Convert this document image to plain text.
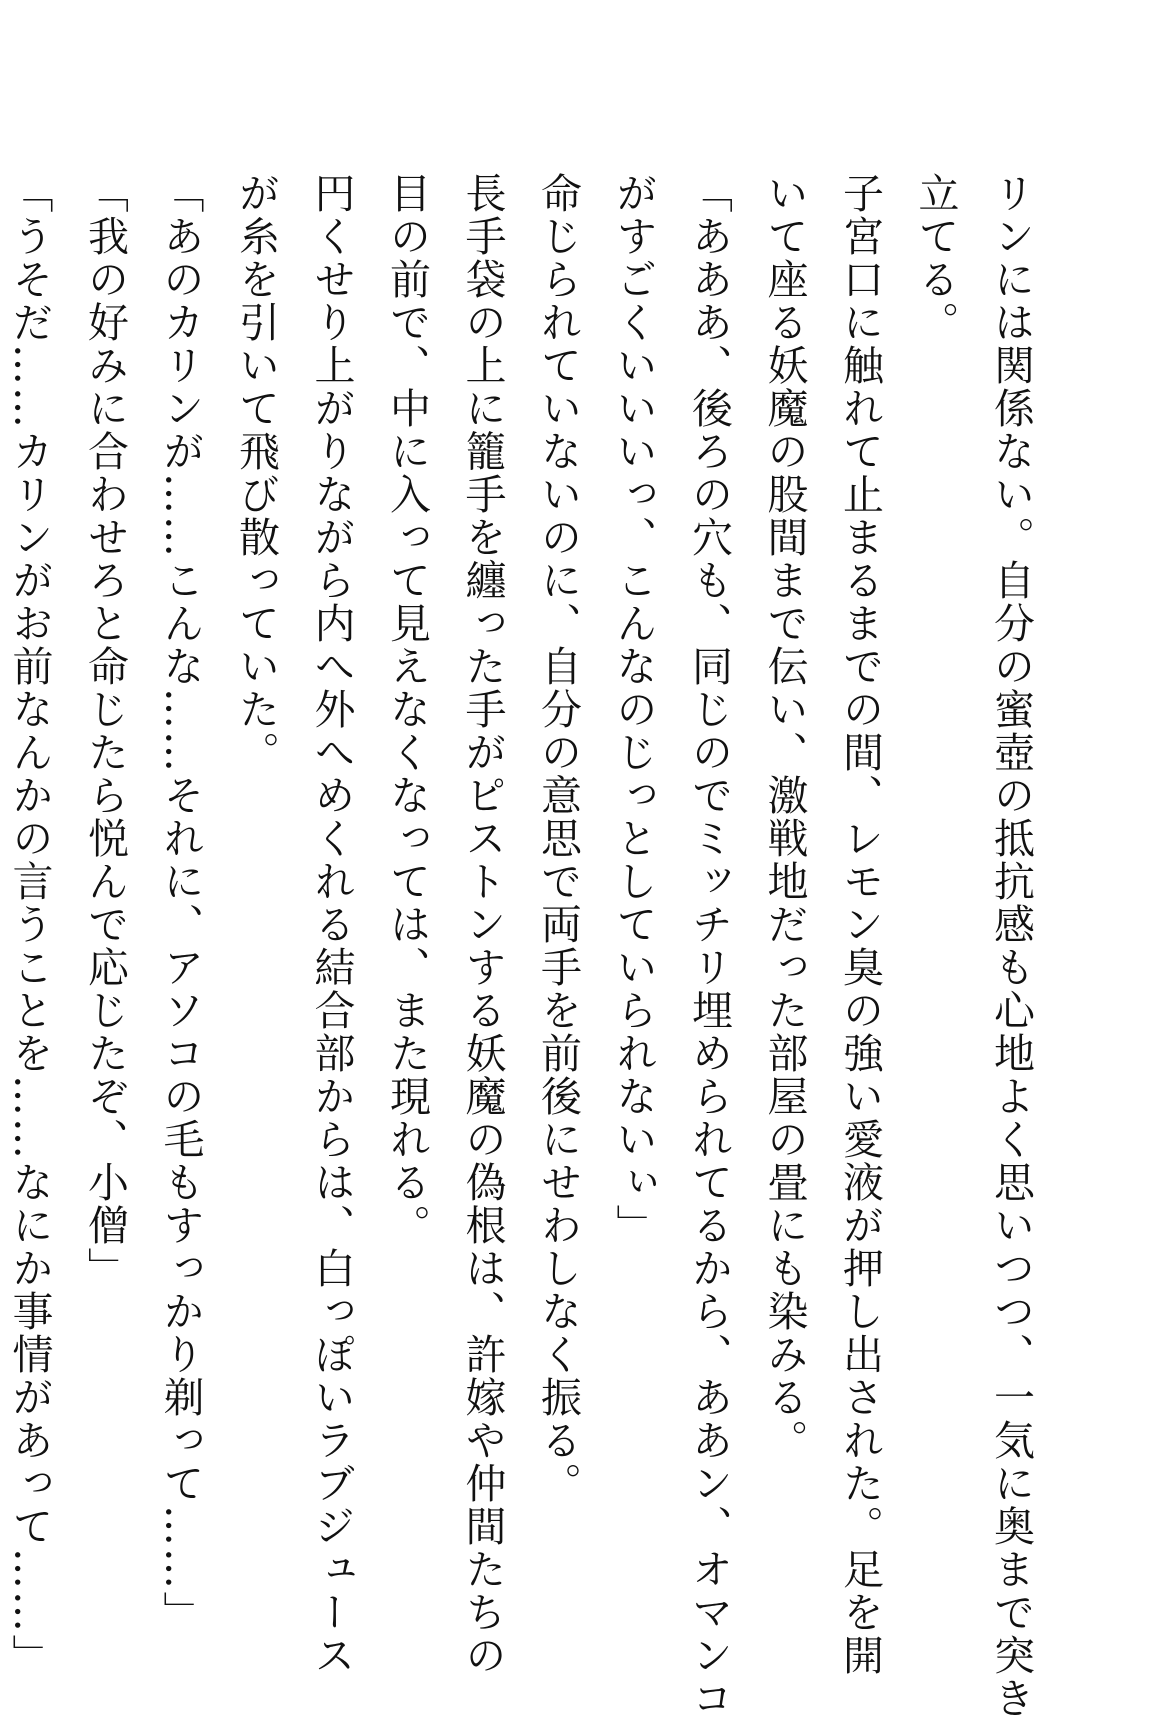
リンには関係ない。自分の蜜壺の抵抗感も心地よく思いつつ、一気に奥まで突き
立てる。
子宮口に触れて止まるまでの間、レモン臭の強い愛液が押し出された。足を開
いて座る妖魔の股間まで伝い、激戦地だった部屋の畳にも染みる。
「あああ、後ろの穴も、同じのでミッチリ埋められてるから、ああン、オマンコ
がすごくいいいっ、こんなのじっとしていられないぃ」
命じられていないのに、自分の意思で両手を前後にせわしなく振る。
長手袋の上に籠手を纏った手がピストンする妖魔の偽根は、許嫁や仲間たちの
目の前で、中に入って見えなくなっては、また現れる。
円くせり上がりながら内へ外へめくれる結合部からは、白っぽいラブジュース
が糸を引いて飛び散っていた。
「あのカリンが……こんな……それに、アソコの毛もすっかり剃って……」
「我の好みに合わせろと命じたら悦んで応じたぞ、小僧」
「うそだ……カリンがお前なんかの言うことを……なにか事情があって……」
